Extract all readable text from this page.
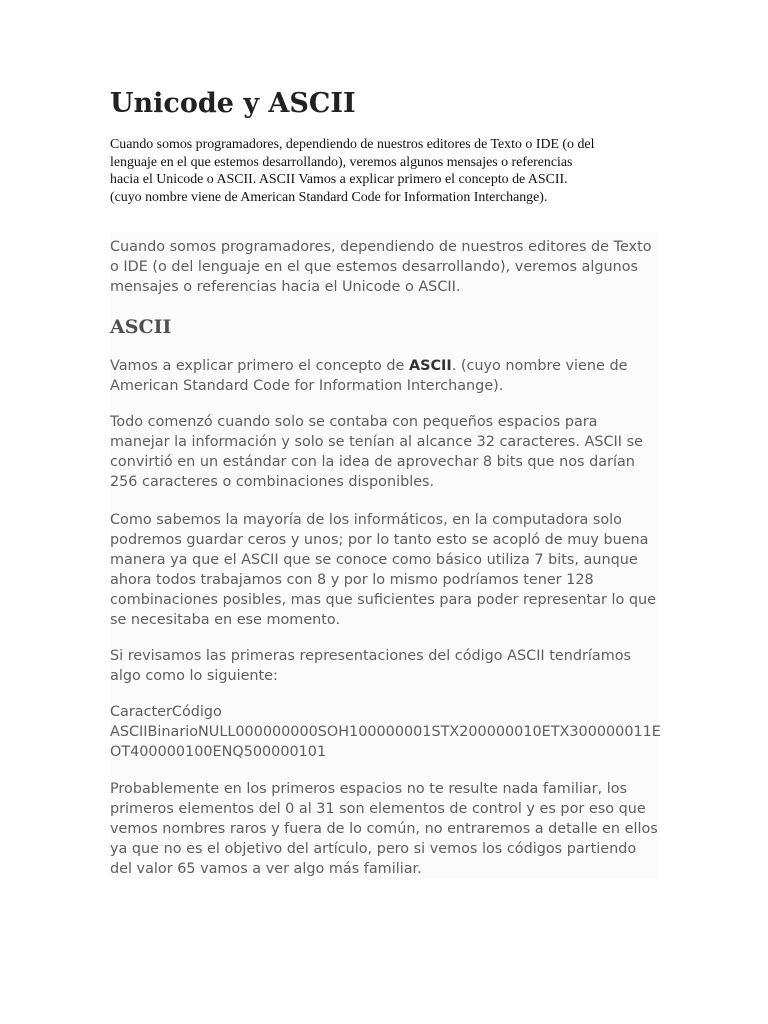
Unicode y ASCII
Cuando somos programadores, dependiendo de nuestros editores de Texto o IDE (o del
lenguaje en el que estemos desarrollando), veremos algunos mensajes o referencias
hacia el Unicode o ASCII. ASCII Vamos a explicar primero el concepto de ASCII.
(cuyo nombre viene de American Standard Code for Information Interchange).

Cuando somos programadores, dependiendo de nuestros editores de Texto o IDE (o del lenguaje en el que estemos desarrollando), veremos algunos mensajes o referencias hacia el Unicode o ASCII.

ASCII

Vamos a explicar primero el concepto de ASCII. (cuyo nombre viene de American Standard Code for Information Interchange).

Todo comenzó cuando solo se contaba con pequeños espacios para manejar la información y solo se tenían al alcance 32 caracteres. ASCII se convirtió en un estándar con la idea de aprovechar 8 bits que nos darían 256 caracteres o combinaciones disponibles.

Como sabemos la mayoría de los informáticos, en la computadora solo podremos guardar ceros y unos; por lo tanto esto se acopló de muy buena manera ya que el ASCII que se conoce como básico utiliza 7 bits, aunque ahora todos trabajamos con 8 y por lo mismo podríamos tener 128 combinaciones posibles, mas que suficientes para poder representar lo que se necesitaba en ese momento.

Si revisamos las primeras representaciones del código ASCII tendríamos algo como lo siguiente:

CaracterCódigo
ASCIIBinarioNULL000000000SOH100000001STX200000010ETX300000011E
OT400000100ENQ500000101

Probablemente en los primeros espacios no te resulte nada familiar, los primeros elementos del 0 al 31 son elementos de control y es por eso que vemos nombres raros y fuera de lo común, no entraremos a detalle en ellos ya que no es el objetivo del artículo, pero si vemos los códigos partiendo del valor 65 vamos a ver algo más familiar.
